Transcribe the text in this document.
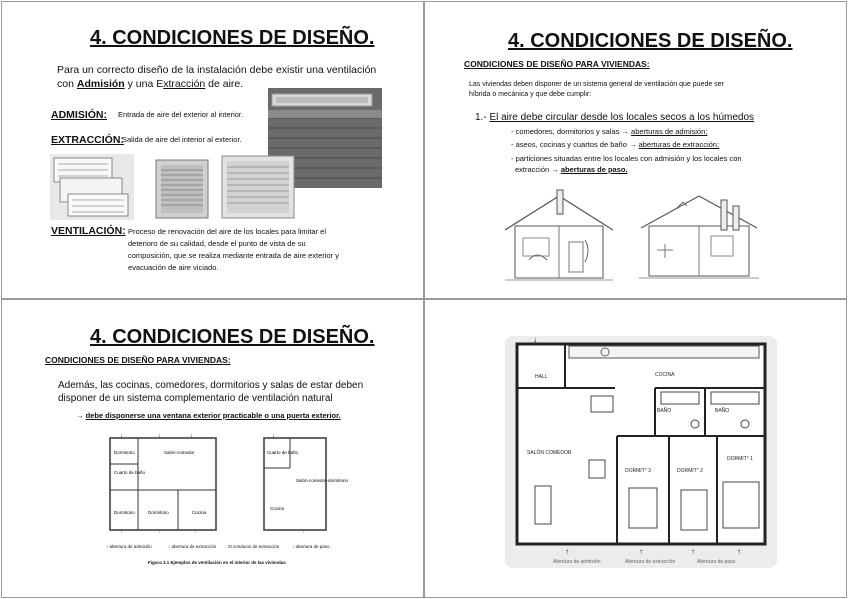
4. CONDICIONES DE DISEÑO.
Para un correcto diseño de la instalación debe existir una ventilación
con Admisión y una Extracción de aire.
ADMISIÓN: Entrada de aire del exterior al interior.
EXTRACCIÓN:
Salida de aire del interior al exterior.
VENTILACIÓN: Proceso de renovación del aire de los locales para limitar el
deterioro de su calidad, desde el punto de vista de su
composición, que se realiza mediante entrada de aire exterior y
evacuación de aire viciado.
4. CONDICIONES DE DISEÑO.
CONDICIONES DE DISEÑO PARA VIVIENDAS:
Las viviendas deben disponer de un sistema general de ventilación que puede ser
híbrida o mecánica y que debe cumplir:
1.- El aire debe circular desde los locales secos a los húmedos
- comedores, dormitorios y salas → aberturas de admisión;
- aseos, cocinas y cuartos de baño → aberturas de extracción;
- particiones situadas entre los locales con admisión y los locales con
extracción → aberturas de paso.
4. CONDICIONES DE DISEÑO.
CONDICIONES DE DISEÑO PARA VIVIENDAS:
Además, las cocinas, comedores, dormitorios y salas de estar deben
disponer de un sistema complementario de ventilación natural
→ debe disponerse una ventana exterior practicable o una puerta exterior.
Dormitorio	Salón-comedor
Cuarto de baño
Dormitorio	Dormitorio	Cocina
↓	↓	↓
↑	↑	↑
Cuarto de baño
Salón-comedor-dormitorio
Cocina
↓
↑
↑ abertura de admisión	↑ abertura de extracción	⊡ conducto de extracción	↕ abertura de paso
Figura 3.1 Ejemplos de ventilación en el interior de las viviendas
HALL	COCINA
BAÑO	BAÑO
SALÓN COMEDOR
DORMIT° 3	DORMIT° 2
DORMIT° 1
↑	↑	↑	↑
↓
Abertura de admisión	Abertura de extracción	Abertura de paso
